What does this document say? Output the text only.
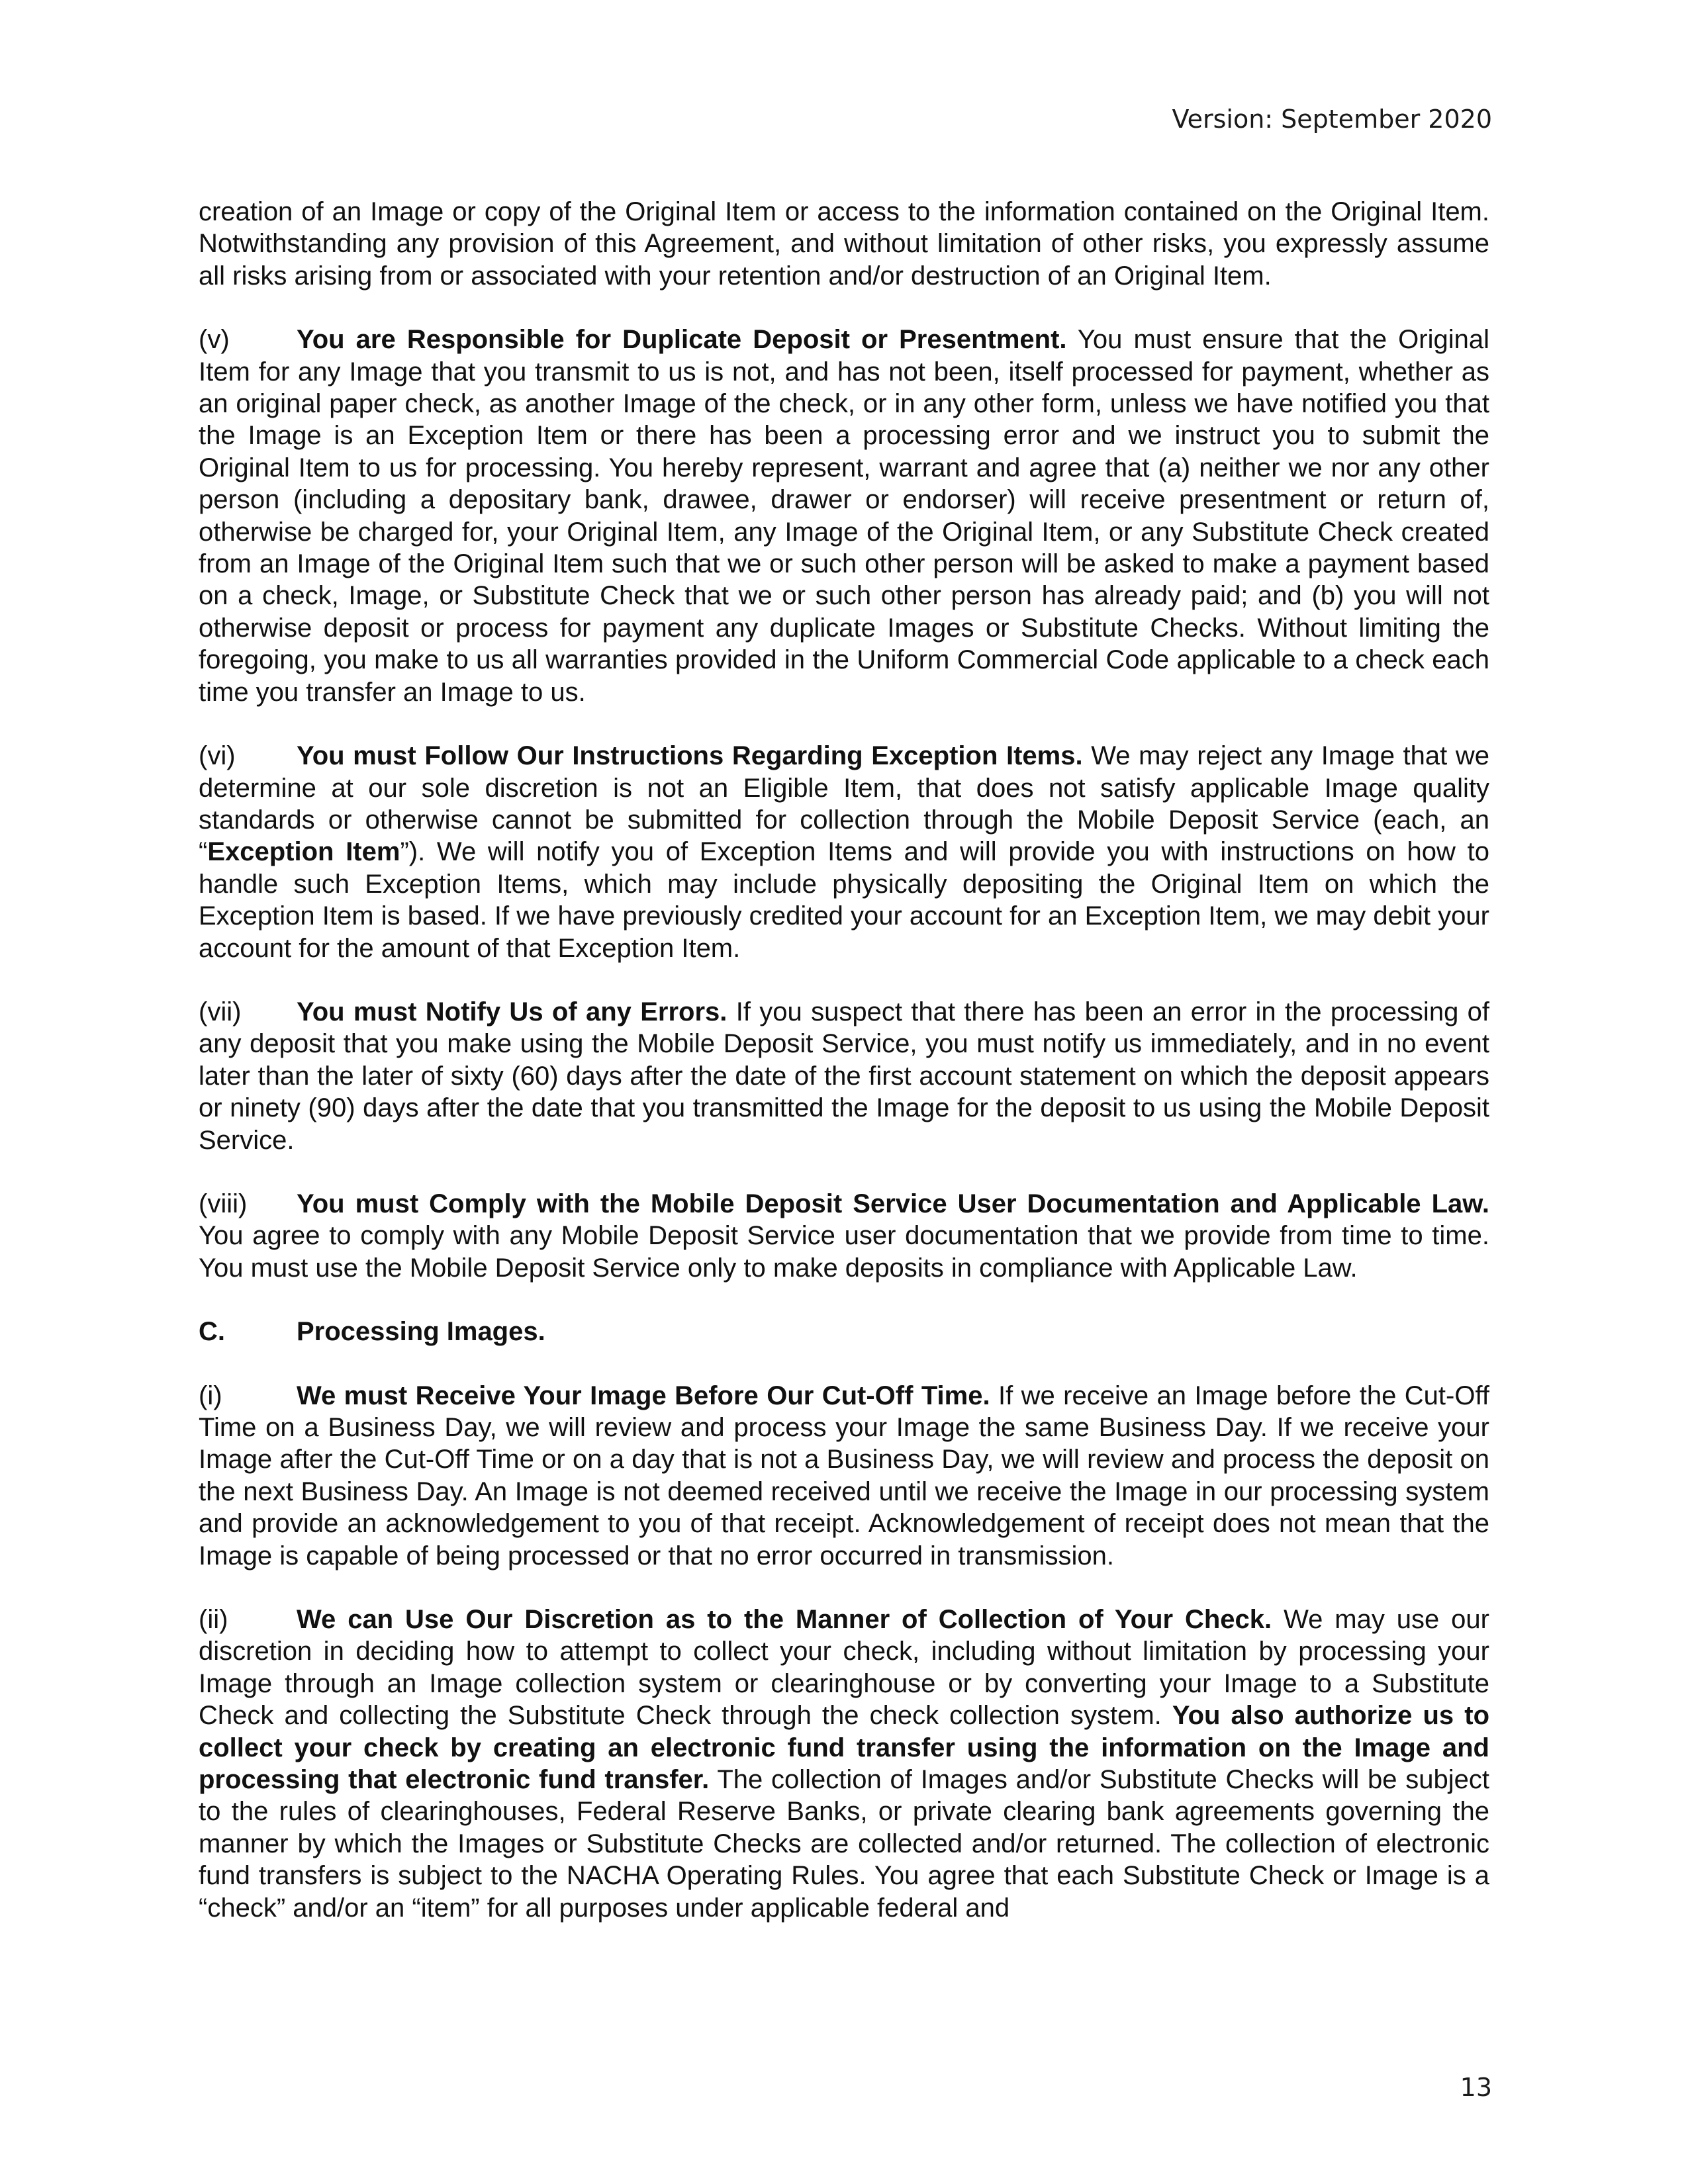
Version: September 2020

creation of an Image or copy of the Original Item or access to the information contained on the Original Item. Notwithstanding any provision of this Agreement, and without limitation of other risks, you expressly assume all risks arising from or associated with your retention and/or destruction of an Original Item.

(v)	You are Responsible for Duplicate Deposit or Presentment. You must ensure that the Original Item for any Image that you transmit to us is not, and has not been, itself processed for payment, whether as an original paper check, as another Image of the check, or in any other form, unless we have notified you that the Image is an Exception Item or there has been a processing error and we instruct you to submit the Original Item to us for processing. You hereby represent, warrant and agree that (a) neither we nor any other person (including a depositary bank, drawee, drawer or endorser) will receive presentment or return of, otherwise be charged for, your Original Item, any Image of the Original Item, or any Substitute Check created from an Image of the Original Item such that we or such other person will be asked to make a payment based on a check, Image, or Substitute Check that we or such other person has already paid; and (b) you will not otherwise deposit or process for payment any duplicate Images or Substitute Checks. Without limiting the foregoing, you make to us all warranties provided in the Uniform Commercial Code applicable to a check each time you transfer an Image to us.

(vi) You must Follow Our Instructions Regarding Exception Items. We may reject any Image that we determine at our sole discretion is not an Eligible Item, that does not satisfy applicable Image quality standards or otherwise cannot be submitted for collection through the Mobile Deposit Service (each, an “Exception Item”). We will notify you of Exception Items and will provide you with instructions on how to handle such Exception Items, which may include physically depositing the Original Item on which the Exception Item is based. If we have previously credited your account for an Exception Item, we may debit your account for the amount of that Exception Item.

(vii) You must Notify Us of any Errors. If you suspect that there has been an error in the processing of any deposit that you make using the Mobile Deposit Service, you must notify us immediately, and in no event later than the later of sixty (60) days after the date of the first account statement on which the deposit appears or ninety (90) days after the date that you transmitted the Image for the deposit to us using the Mobile Deposit Service.

(viii) You must Comply with the Mobile Deposit Service User Documentation and Applicable Law. You agree to comply with any Mobile Deposit Service user documentation that we provide from time to time. You must use the Mobile Deposit Service only to make deposits in compliance with Applicable Law.

C.	Processing Images.

(i)	We must Receive Your Image Before Our Cut-Off Time. If we receive an Image before the Cut-Off Time on a Business Day, we will review and process your Image the same Business Day. If we receive your Image after the Cut-Off Time or on a day that is not a Business Day, we will review and process the deposit on the next Business Day. An Image is not deemed received until we receive the Image in our processing system and provide an acknowledgement to you of that receipt. Acknowledgement of receipt does not mean that the Image is capable of being processed or that no error occurred in transmission.

(ii)	We can Use Our Discretion as to the Manner of Collection of Your Check. We may use our discretion in deciding how to attempt to collect your check, including without limitation by processing your Image through an Image collection system or clearinghouse or by converting your Image to a Substitute Check and collecting the Substitute Check through the check collection system. You also authorize us to collect your check by creating an electronic fund transfer using the information on the Image and processing that electronic fund transfer. The collection of Images and/or Substitute Checks will be subject to the rules of clearinghouses, Federal Reserve Banks, or private clearing bank agreements governing the manner by which the Images or Substitute Checks are collected and/or returned. The collection of electronic fund transfers is subject to the NACHA Operating Rules. You agree that each Substitute Check or Image is a “check” and/or an “item” for all purposes under applicable federal and

13
